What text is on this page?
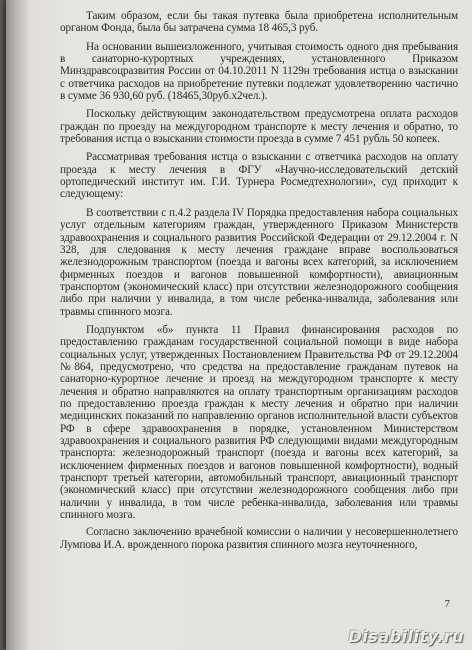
Таким образом, если бы такая путевка была приобретена исполнительным органом Фонда, была бы затрачена сумма 18 465,3 руб.

На основании вышеизложенного, учитывая стоимость одного дня пребывания в санаторно-курортных учреждениях, установленного Приказом Минздравсоцразвития России от 04.10.2011 N 1129н требования истца о взыскании с ответчика расходов на приобретение путевки подлежат удовлетворению частично в сумме 36 930,60 руб. (18465,30руб.х2чел.).

Поскольку действующим законодательством предусмотрена оплата расходов граждан по проезду на междугородном транспорте к месту лечения и обратно, то требования истца о взыскании стоимости проезда в сумме 7 451 рубль 50 копеек.

Рассматривая требования истца о взыскании с ответчика расходов на оплату проезда к месту лечения в ФГУ «Научно-исследовательский детский ортопедический институт им. Г.И. Турнера Росмедтехнологии», суд приходит к следующему:

В соответствии с п.4.2 раздела IV Порядка предоставления набора социальных услуг отдельным категориям граждан, утвержденного Приказом Министерств здравоохранения и социального развития Российской Федерации от 29.12.2004 г. N 328, для следования к месту лечения граждане вправе воспользоваться железнодорожным транспортом (поезда и вагоны всех категорий, за исключением фирменных поездов и вагонов повышенной комфортности), авиационным транспортом (экономический класс) при отсутствии железнодорожного сообщения либо при наличии у инвалида, в том числе ребенка-инвалида, заболевания или травмы спинного мозга.

Подпунктом «б» пункта 11 Правил финансирования расходов по предоставлению гражданам государственной социальной помощи в виде набора социальных услуг, утвержденных Постановлением Правительства РФ от 29.12.2004 №864, предусмотрено, что средства на предоставление гражданам путевок на санаторно-курортное лечение и проезд на междугородном транспорте к месту лечения и обратно направляются на оплату транспортным организациям расходов по предоставлению проезда граждан к месту лечения и обратно при наличии медицинских показаний по направлению органов исполнительной власти субъектов РФ в сфере здравоохранения в порядке, установленном Министерством здравоохранения и социального развития РФ следующими видами междугородным транспорта: железнодорожный транспорт (поезда и вагоны всех категорий, за исключением фирменных поездов и вагонов повышенной комфортности), водный транспорт третьей категории, автомобильный транспорт, авиационный транспорт (экономический класс) при отсутствии железнодорожного сообщения либо при наличии у инвалида, в том числе ребенка-инвалида, заболевания или травмы спинного мозга.

Согласно заключению врачебной комиссии о наличии у несовершеннолетнего Лумпова И.А. врожденного порока развития спинного мозга неуточненного,

7
Disability.ru
